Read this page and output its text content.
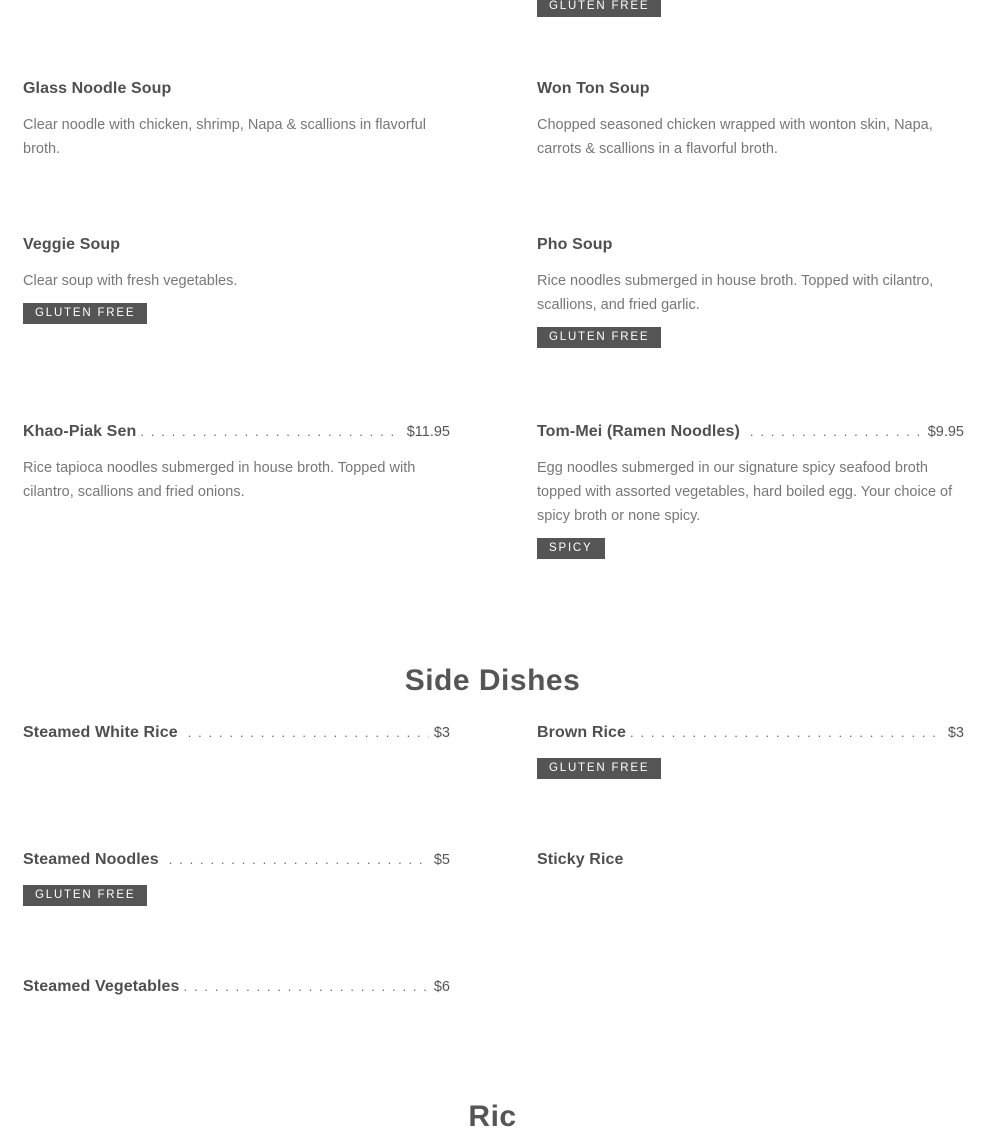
GLUTEN FREE
Glass Noodle Soup

Clear noodle with chicken, shrimp, Napa & scallions in flavorful broth.

Won Ton Soup

Chopped seasoned chicken wrapped with wonton skin, Napa, carrots & scallions in a flavorful broth.

Veggie Soup

Clear soup with fresh vegetables.

GLUTEN FREE
Pho Soup

Rice noodles submerged in house broth. Topped with cilantro, scallions, and fried garlic.

GLUTEN FREE
Khao-Piak Sen . . .	$11.95

Rice tapioca noodles submerged in house broth. Topped with cilantro, scallions and fried onions.

Tom-Mei (Ramen Noodles) . . .	$9.95

Egg noodles submerged in our signature spicy seafood broth topped with assorted vegetables, hard boiled egg. Your choice of spicy broth or none spicy.

SPICY
Side Dishes
Steamed White Rice . . .	$3	Brown Rice . . .	$3
GLUTEN FREE
Steamed Noodles . . .	$5
GLUTEN FREE
Sticky Rice
Steamed Vegetables . . .	$6
Ric
